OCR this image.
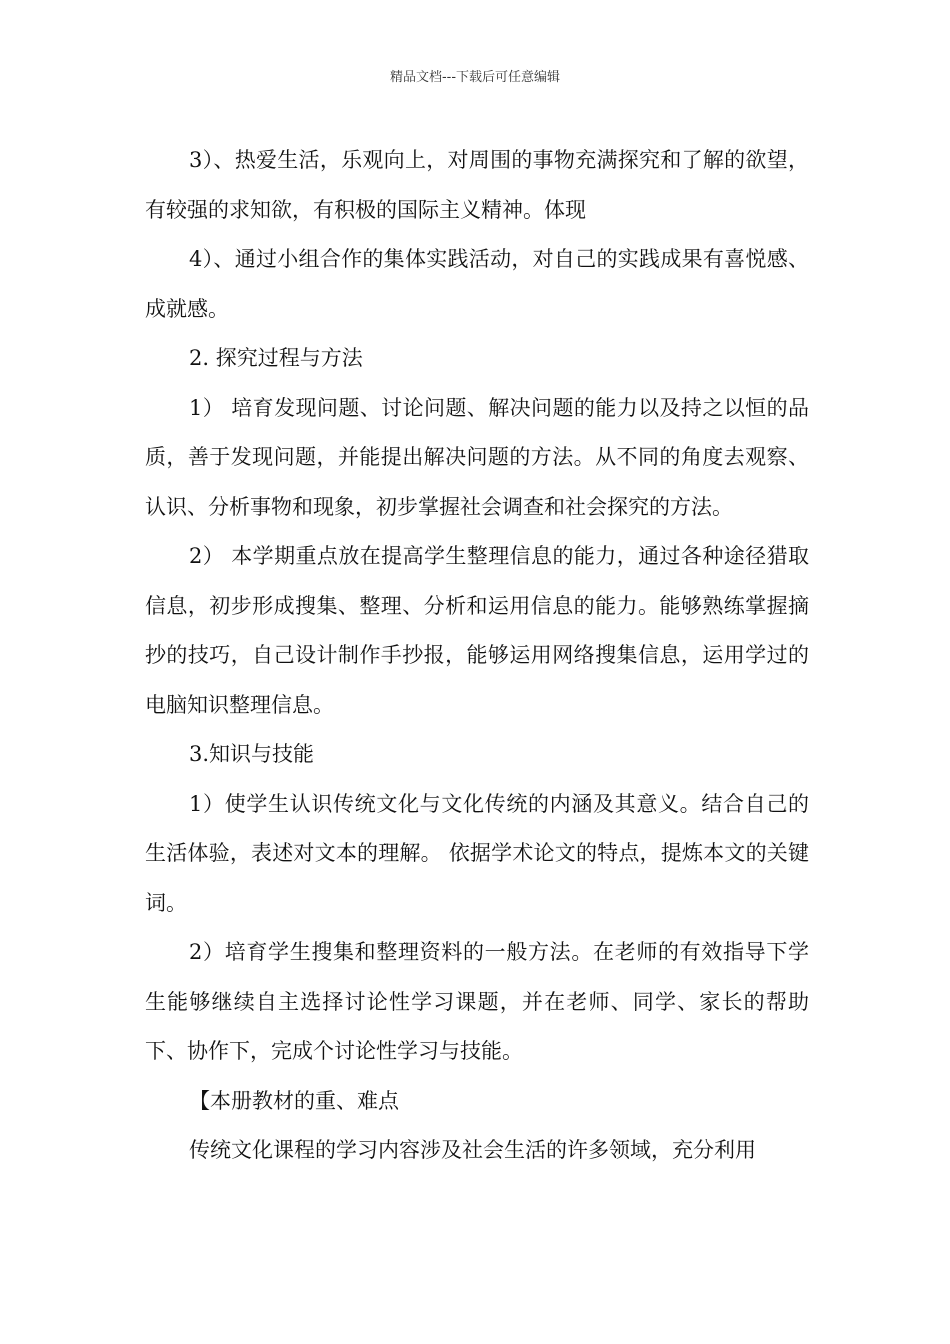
精品文档---下载后可任意编辑

3）、热爱生活，乐观向上，对周围的事物充满探究和了解的欲望，有较强的求知欲，有积极的国际主义精神。体现

4）、通过小组合作的集体实践活动，对自己的实践成果有喜悦感、成就感。

2. 探究过程与方法

1） 培育发现问题、讨论问题、解决问题的能力以及持之以恒的品质，善于发现问题，并能提出解决问题的方法。从不同的角度去观察、认识、分析事物和现象，初步掌握社会调查和社会探究的方法。

2） 本学期重点放在提高学生整理信息的能力，通过各种途径猎取信息，初步形成搜集、整理、分析和运用信息的能力。能够熟练掌握摘抄的技巧，自己设计制作手抄报，能够运用网络搜集信息，运用学过的电脑知识整理信息。

3.知识与技能

1）使学生认识传统文化与文化传统的内涵及其意义。结合自己的生活体验，表述对文本的理解。 依据学术论文的特点，提炼本文的关键词。

2）培育学生搜集和整理资料的一般方法。在老师的有效指导下学生能够继续自主选择讨论性学习课题，并在老师、同学、家长的帮助下、协作下，完成个讨论性学习与技能。

【本册教材的重、难点

传统文化课程的学习内容涉及社会生活的许多领域，充分利用
